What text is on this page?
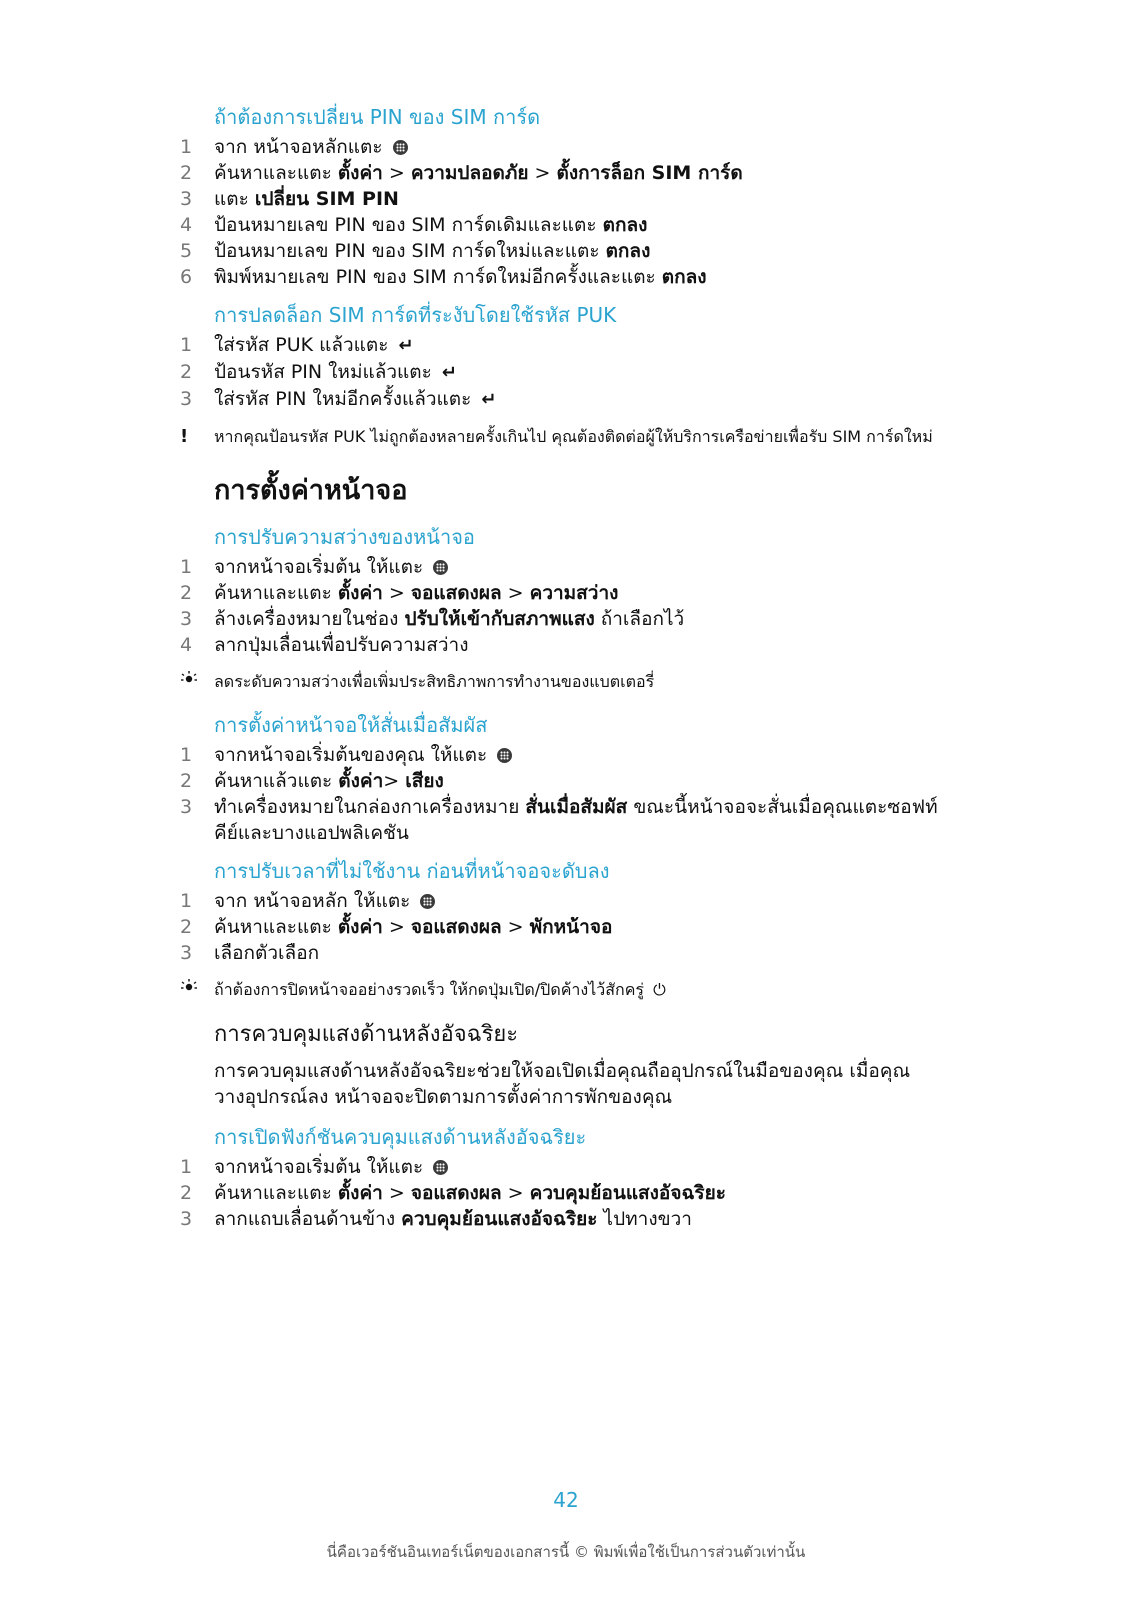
ถ้าต้องการเปลี่ยน PIN ของ SIM การ์ด
1	จาก หน้าจอหลักแตะ
2	ค้นหาและแตะ ตั้งค่า > ความปลอดภัย > ตั้งการล็อก SIM การ์ด
3	แตะ เปลี่ยน SIM PIN
4	ป้อนหมายเลข PIN ของ SIM การ์ดเดิมและแตะ ตกลง
5	ป้อนหมายเลข PIN ของ SIM การ์ดใหม่และแตะ ตกลง
6	พิมพ์หมายเลข PIN ของ SIM การ์ดใหม่อีกครั้งและแตะ ตกลง
การปลดล็อก SIM การ์ดที่ระงับโดยใช้รหัส PUK
1	ใส่รหัส PUK แล้วแตะ ↵
2	ป้อนรหัส PIN ใหม่แล้วแตะ ↵
3	ใส่รหัส PIN ใหม่อีกครั้งแล้วแตะ ↵
!	หากคุณป้อนรหัส PUK ไม่ถูกต้องหลายครั้งเกินไป คุณต้องติดต่อผู้ให้บริการเครือข่ายเพื่อรับ SIM การ์ดใหม่
การตั้งค่าหน้าจอ
การปรับความสว่างของหน้าจอ
1	จากหน้าจอเริ่มต้น ให้แตะ
2	ค้นหาและแตะ ตั้งค่า > จอแสดงผล > ความสว่าง
3	ล้างเครื่องหมายในช่อง ปรับให้เข้ากับสภาพแสง ถ้าเลือกไว้
4	ลากปุ่มเลื่อนเพื่อปรับความสว่าง
ลดระดับความสว่างเพื่อเพิ่มประสิทธิภาพการทำงานของแบตเตอรี่
การตั้งค่าหน้าจอให้สั่นเมื่อสัมผัส
1	จากหน้าจอเริ่มต้นของคุณ ให้แตะ
2	ค้นหาแล้วแตะ ตั้งค่า> เสียง
3	ทำเครื่องหมายในกล่องกาเครื่องหมาย สั่นเมื่อสัมผัส ขณะนี้หน้าจอจะสั่นเมื่อคุณแตะซอฟท์คีย์และบางแอปพลิเคชัน
การปรับเวลาที่ไม่ใช้งาน ก่อนที่หน้าจอจะดับลง
1	จาก หน้าจอหลัก ให้แตะ
2	ค้นหาและแตะ ตั้งค่า > จอแสดงผล > พักหน้าจอ
3	เลือกตัวเลือก
ถ้าต้องการปิดหน้าจออย่างรวดเร็ว ให้กดปุ่มเปิด/ปิดค้างไว้สักครู่ ⏻
การควบคุมแสงด้านหลังอัจฉริยะ

การควบคุมแสงด้านหลังอัจฉริยะช่วยให้จอเปิดเมื่อคุณถืออุปกรณ์ในมือของคุณ เมื่อคุณวางอุปกรณ์ลง หน้าจอจะปิดตามการตั้งค่าการพักของคุณ

การเปิดฟังก์ชันควบคุมแสงด้านหลังอัจฉริยะ
1	จากหน้าจอเริ่มต้น ให้แตะ
2	ค้นหาและแตะ ตั้งค่า > จอแสดงผล > ควบคุมย้อนแสงอัจฉริยะ
3	ลากแถบเลื่อนด้านข้าง ควบคุมย้อนแสงอัจฉริยะ ไปทางขวา
42
นี่คือเวอร์ชันอินเทอร์เน็ตของเอกสารนี้ © พิมพ์เพื่อใช้เป็นการส่วนตัวเท่านั้น
